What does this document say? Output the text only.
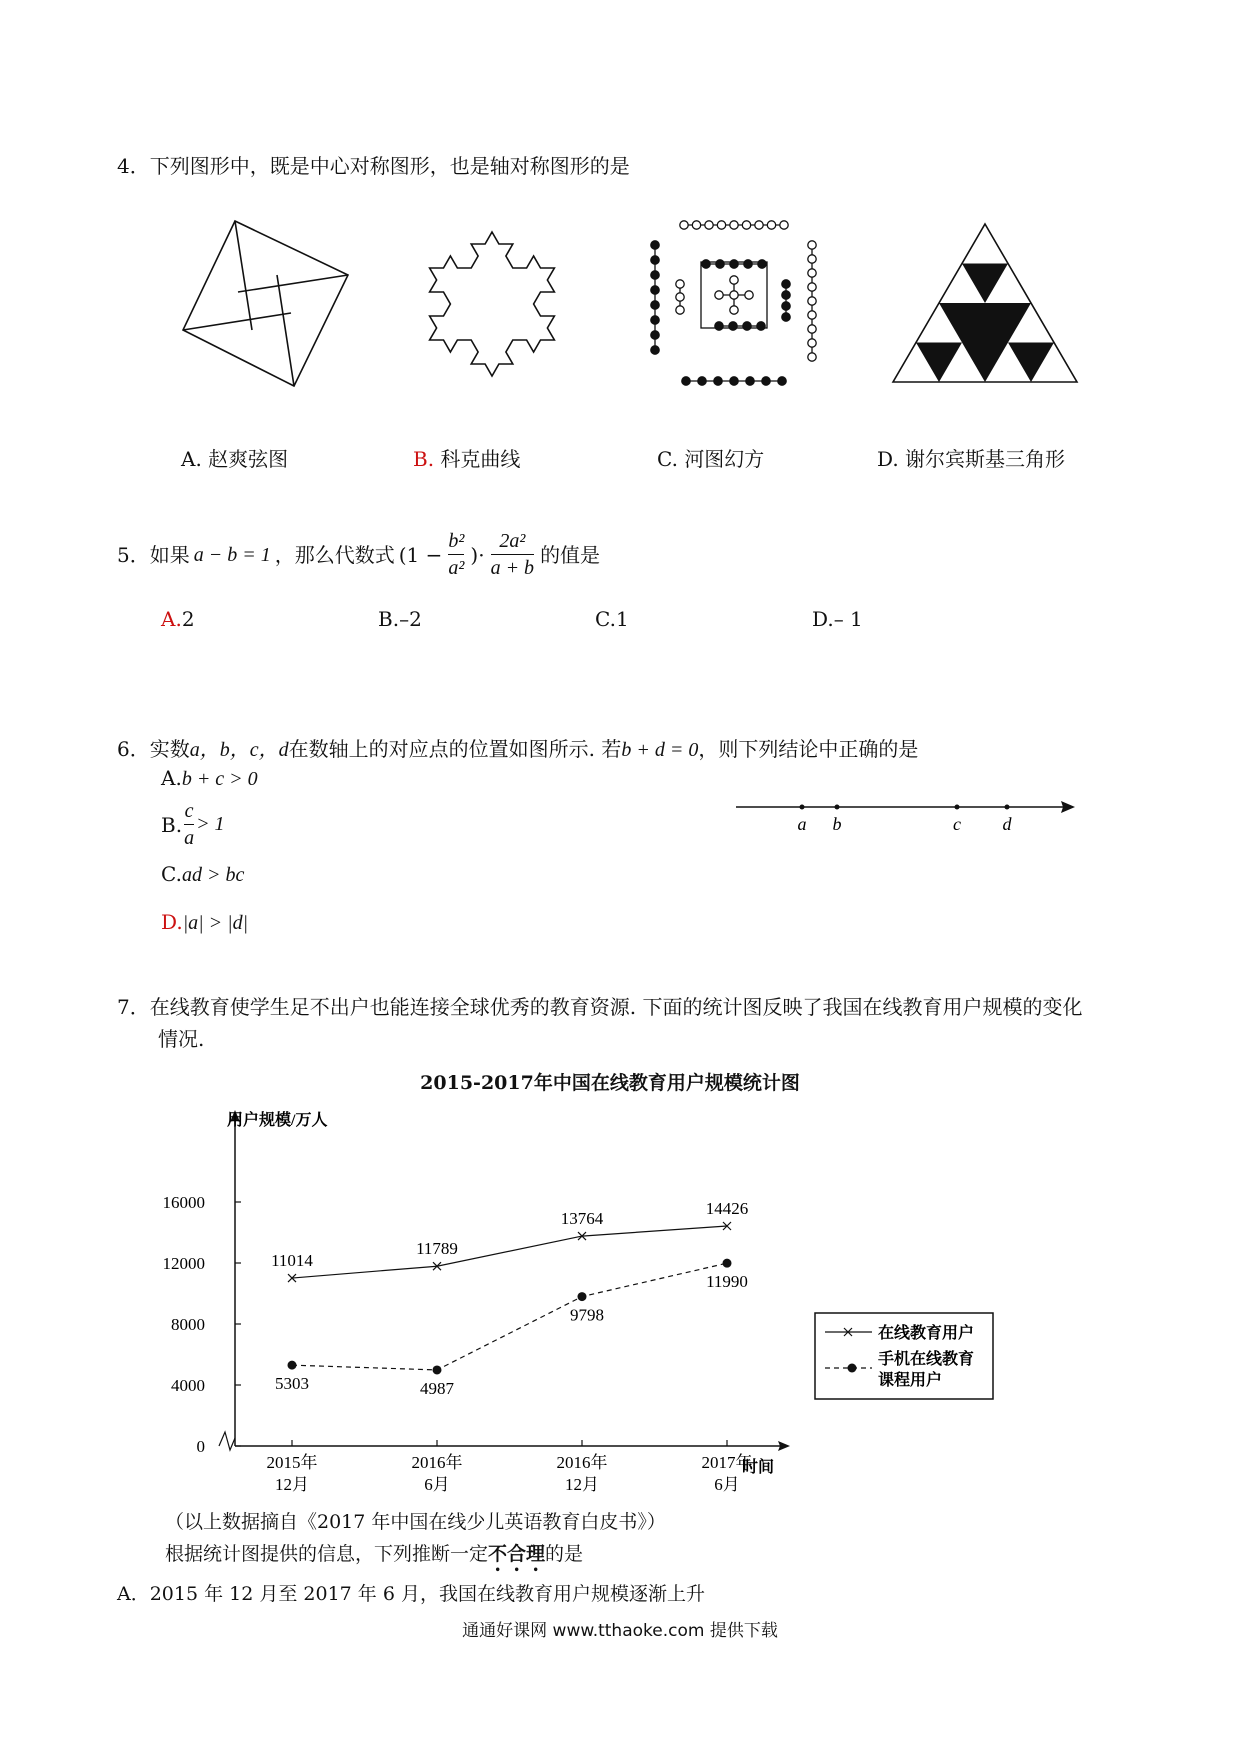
4．下列图形中，既是中心对称图形，也是轴对称图形的是
A. 赵爽弦图	B. 科克曲线	C. 河图幻方	D. 谢尔宾斯基三角形
5．如果 a − b = 1 ，那么代数式 ($1 - \frac{\text{b²}}{\text{a²}}$ )· $\frac{\text{2a²}}{a + b}$ 的值是
A.2	B.–2	C.1	D.– 1
6．实数a，b，c，d在数轴上的对应点的位置如图所示. 若b + d = 0，则下列结论中正确的是
A.b + c > 0
B. $\frac{c}{a} > 1$
C.ad > bc
D.|a| > |d|
a b	c d
7．在线教育使学生足不出户也能连接全球优秀的教育资源. 下面的统计图反映了我国在线教育用户规模的变化
情况.
2015-2017年中国在线教育用户规模统计图
用户规模/万人
时间
0
4000
8000
12000
16000
2015年
12月
2016年
6月
2016年
12月
2017年
6月
11014
11789
13764
14426
5303	4987
9798
11990
在线教育用户
手机在线教育
课程用户
（以上数据摘自《2017 年中国在线少儿英语教育白皮书》）
根据统计图提供的信息，下列推断一定不合理的是
A．2015 年 12 月至 2017 年 6 月，我国在线教育用户规模逐渐上升
通通好课网 www.tthaoke.com 提供下载
